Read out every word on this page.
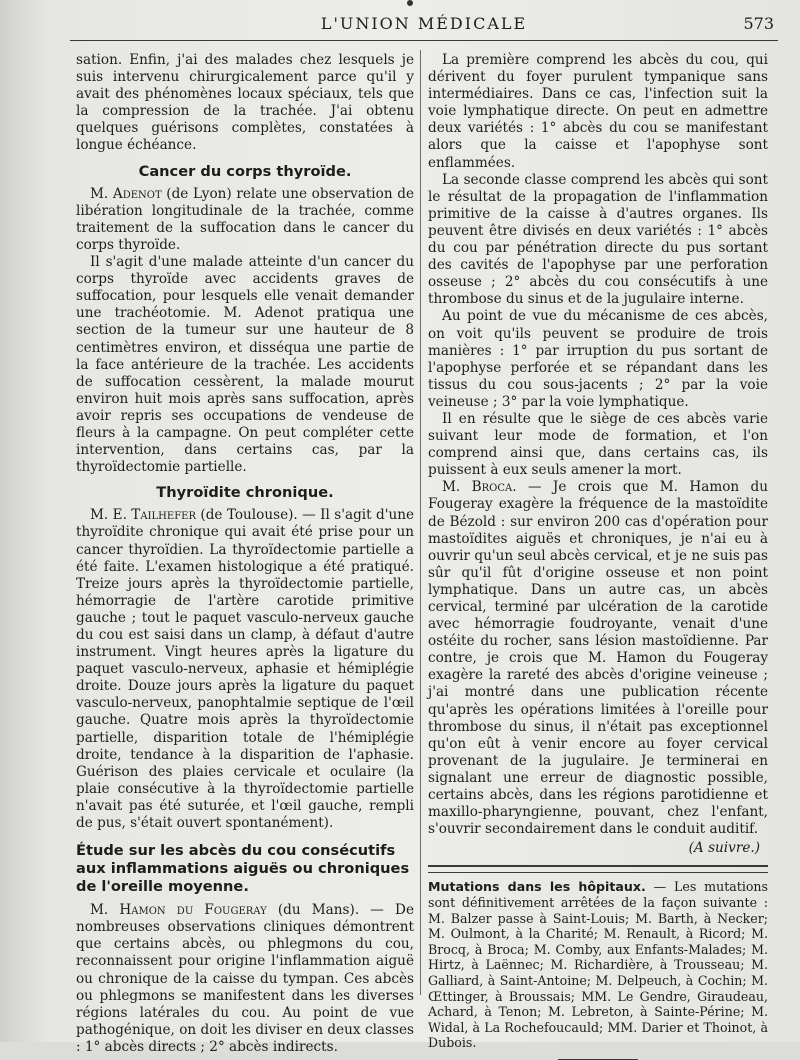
L'UNION MÉDICALE	573

sation. Enfin, j'ai des malades chez lesquels je suis intervenu chirurgicalement parce qu'il y avait des phénomènes locaux spéciaux, tels que la compression de la trachée. J'ai obtenu quelques guérisons complètes, constatées à longue échéance.

Cancer du corps thyroïde.

M. Adenot (de Lyon) relate une observation de libération longitudinale de la trachée, comme traitement de la suffocation dans le cancer du corps thyroïde.

Il s'agit d'une malade atteinte d'un cancer du corps thyroïde avec accidents graves de suffocation, pour lesquels elle venait demander une trachéotomie. M. Adenot pratiqua une section de la tumeur sur une hauteur de 8 centimètres environ, et disséqua une partie de la face antérieure de la trachée. Les accidents de suffocation cessèrent, la malade mourut environ huit mois après sans suffocation, après avoir repris ses occupations de vendeuse de fleurs à la campagne. On peut compléter cette intervention, dans certains cas, par la thyroïdectomie partielle.

Thyroïdite chronique.

M. E. Tailhefer (de Toulouse). — Il s'agit d'une thyroïdite chronique qui avait été prise pour un cancer thyroïdien. La thyroïdectomie partielle a été faite. L'examen histologique a été pratiqué. Treize jours après la thyroïdectomie partielle, hémorragie de l'artère carotide primitive gauche ; tout le paquet vasculo-nerveux gauche du cou est saisi dans un clamp, à défaut d'autre instrument. Vingt heures après la ligature du paquet vasculo-nerveux, aphasie et hémiplégie droite. Douze jours après la ligature du paquet vasculo-nerveux, panophtalmie septique de l'œil gauche. Quatre mois après la thyroïdectomie partielle, disparition totale de l'hémiplégie droite, tendance à la disparition de l'aphasie. Guérison des plaies cervicale et oculaire (la plaie consécutive à la thyroïdectomie partielle n'avait pas été suturée, et l'œil gauche, rempli de pus, s'était ouvert spontanément).

Étude sur les abcès du cou consécutifs aux inflammations aiguës ou chroniques de l'oreille moyenne.

M. Hamon du Fougeray (du Mans). — De nombreuses observations cliniques démontrent que certains abcès, ou phlegmons du cou, reconnaissent pour origine l'inflammation aiguë ou chronique de la caisse du tympan. Ces abcès ou phlegmons se manifestent dans les diverses régions latérales du cou. Au point de vue pathogénique, on doit les diviser en deux classes : 1° abcès directs ; 2° abcès indirects.

La première comprend les abcès du cou, qui dérivent du foyer purulent tympanique sans intermédiaires. Dans ce cas, l'infection suit la voie lymphatique directe. On peut en admettre deux variétés : 1° abcès du cou se manifestant alors que la caisse et l'apophyse sont enflammées.

La seconde classe comprend les abcès qui sont le résultat de la propagation de l'inflammation primitive de la caisse à d'autres organes. Ils peuvent être divisés en deux variétés : 1° abcès du cou par pénétration directe du pus sortant des cavités de l'apophyse par une perforation osseuse ; 2° abcès du cou consécutifs à une thrombose du sinus et de la jugulaire interne.

Au point de vue du mécanisme de ces abcès, on voit qu'ils peuvent se produire de trois manières : 1° par irruption du pus sortant de l'apophyse perforée et se répandant dans les tissus du cou sous-jacents ; 2° par la voie veineuse ; 3° par la voie lymphatique.

Il en résulte que le siège de ces abcès varie suivant leur mode de formation, et l'on comprend ainsi que, dans certains cas, ils puissent à eux seuls amener la mort.

M. Broca. — Je crois que M. Hamon du Fougeray exagère la fréquence de la mastoïdite de Bézold : sur environ 200 cas d'opération pour mastoïdites aiguës et chroniques, je n'ai eu à ouvrir qu'un seul abcès cervical, et je ne suis pas sûr qu'il fût d'origine osseuse et non point lymphatique. Dans un autre cas, un abcès cervical, terminé par ulcération de la carotide avec hémorragie foudroyante, venait d'une ostéite du rocher, sans lésion mastoïdienne. Par contre, je crois que M. Hamon du Fougeray exagère la rareté des abcès d'origine veineuse ; j'ai montré dans une publication récente qu'après les opérations limitées à l'oreille pour thrombose du sinus, il n'était pas exceptionnel qu'on eût à venir encore au foyer cervical provenant de la jugulaire. Je terminerai en signalant une erreur de diagnostic possible, certains abcès, dans les régions parotidienne et maxillo-pharyngienne, pouvant, chez l'enfant, s'ouvrir secondairement dans le conduit auditif.

(A suivre.)
Mutations dans les hôpitaux. — Les mutations sont définitivement arrêtées de la façon suivante : M. Balzer passe à Saint-Louis; M. Barth, à Necker; M. Oulmont, à la Charité; M. Renault, à Ricord; M. Brocq, à Broca; M. Comby, aux Enfants-Malades; M. Hirtz, à Laënnec; M. Richardière, à Trousseau; M. Galliard, à Saint-Antoine; M. Delpeuch, à Cochin; M. Œttinger, à Broussais; MM. Le Gendre, Giraudeau, Achard, à Tenon; M. Lebreton, à Sainte-Périne; M. Widal, à La Rochefoucauld; MM. Darier et Thoinot, à Dubois.
